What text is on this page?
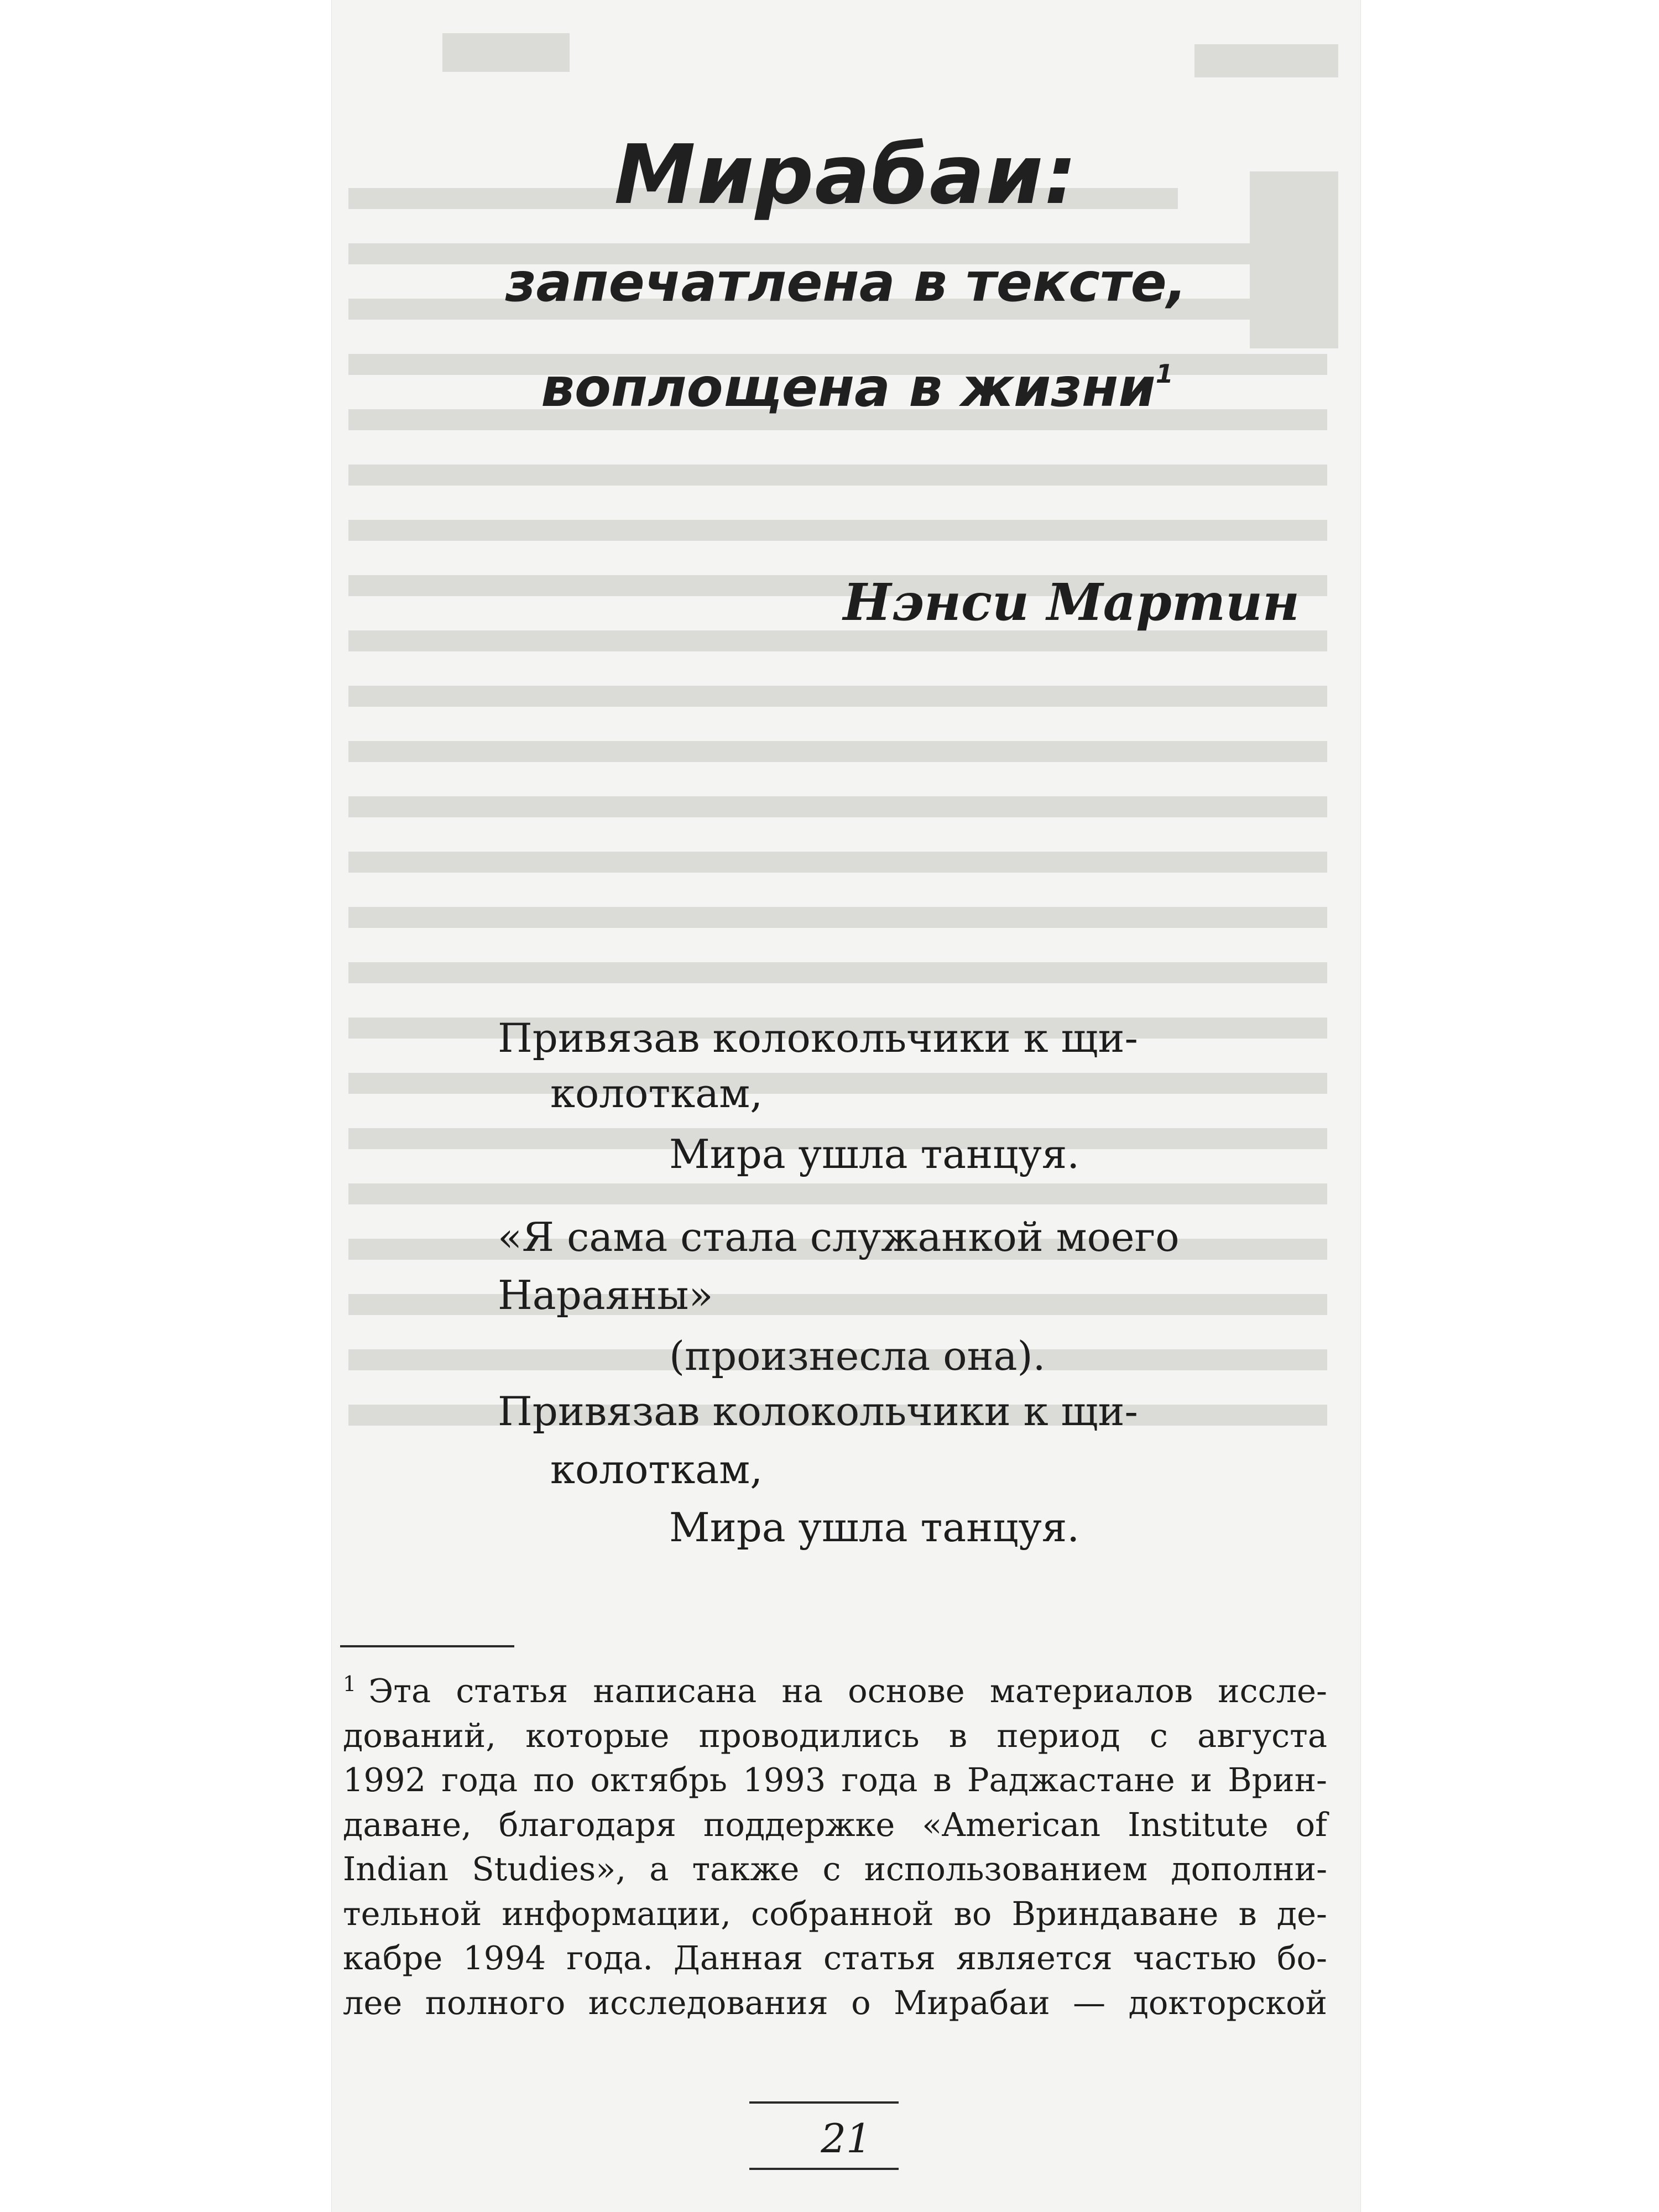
Мирабаи:
запечатлена в тексте,
воплощена в жизни$^1$
Нэнси Мартин
Привязав колокольчики к щи-
колоткам,
Мира ушла танцуя.
«Я сама стала служанкой моего
Нараяны»
(произнесла она).
Привязав колокольчики к щи-
колоткам,
Мира ушла танцуя.
$^1$ Эта статья написана на основе материалов иссле-
дований, которые проводились в период с августа
1992 года по октябрь 1993 года в Раджастане и Врин-
даване, благодаря поддержке «American Institute of
Indian Studies», а также с использованием дополни-
тельной информации, собранной во Вриндаване в де-
кабре 1994 года. Данная статья является частью бо-
лее полного исследования о Мирабаи — докторской
21
